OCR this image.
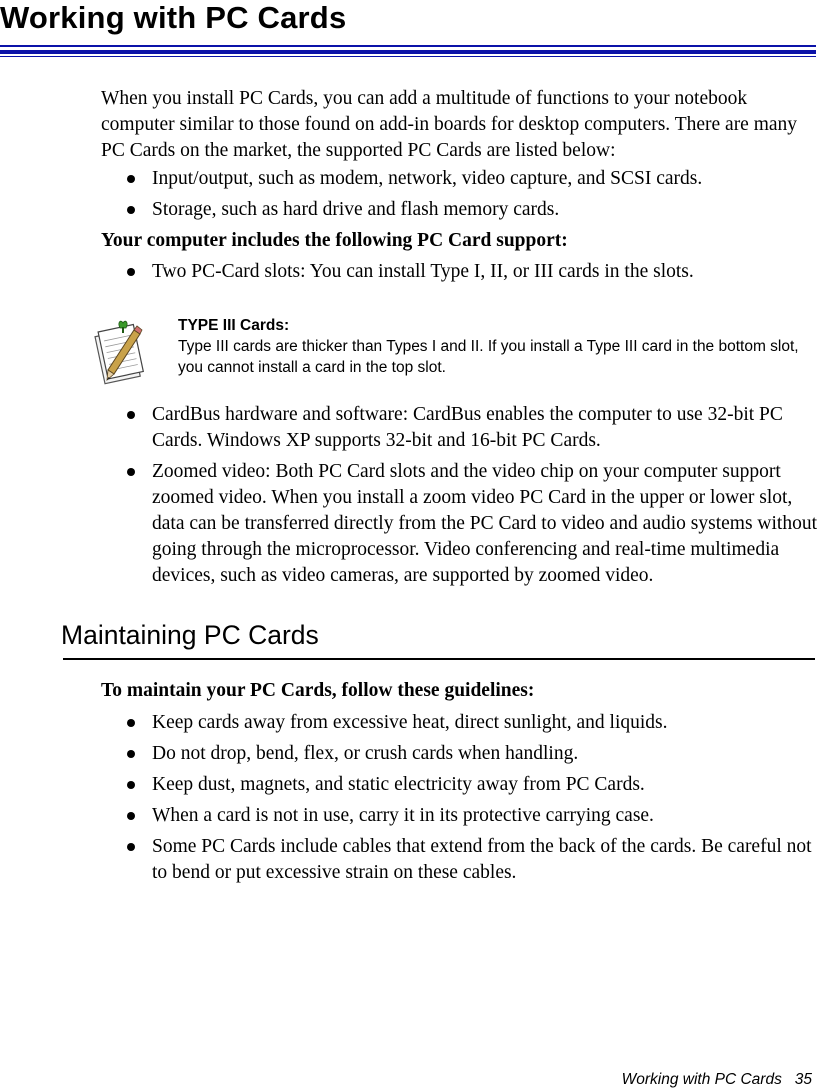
Working with PC Cards

When you install PC Cards, you can add a multitude of functions to your notebook computer similar to those found on add-in boards for desktop computers. There are many PC Cards on the market, the supported PC Cards are listed below:

Input/output, such as modem, network, video capture, and SCSI cards.
Storage, such as hard drive and flash memory cards.

Your computer includes the following PC Card support:

Two PC-Card slots: You can install Type I, II, or III cards in the slots.

TYPE III Cards:

Type III cards are thicker than Types I and II. If you install a Type III card in the bottom slot, you cannot install a card in the top slot.

CardBus hardware and software: CardBus enables the computer to use 32-bit PC Cards. Windows XP supports 32-bit and 16-bit PC Cards.
Zoomed video: Both PC Card slots and the video chip on your computer support zoomed video. When you install a zoom video PC Card in the upper or lower slot, data can be transferred directly from the PC Card to video and audio systems without going through the microprocessor. Video conferencing and real-time multimedia devices, such as video cameras, are supported by zoomed video.
Maintaining PC Cards

To maintain your PC Cards, follow these guidelines:

Keep cards away from excessive heat, direct sunlight, and liquids.
Do not drop, bend, flex, or crush cards when handling.
Keep dust, magnets, and static electricity away from PC Cards.
When a card is not in use, carry it in its protective carrying case.
Some PC Cards include cables that extend from the back of the cards. Be careful not to bend or put excessive strain on these cables.

Working with PC Cards 35
